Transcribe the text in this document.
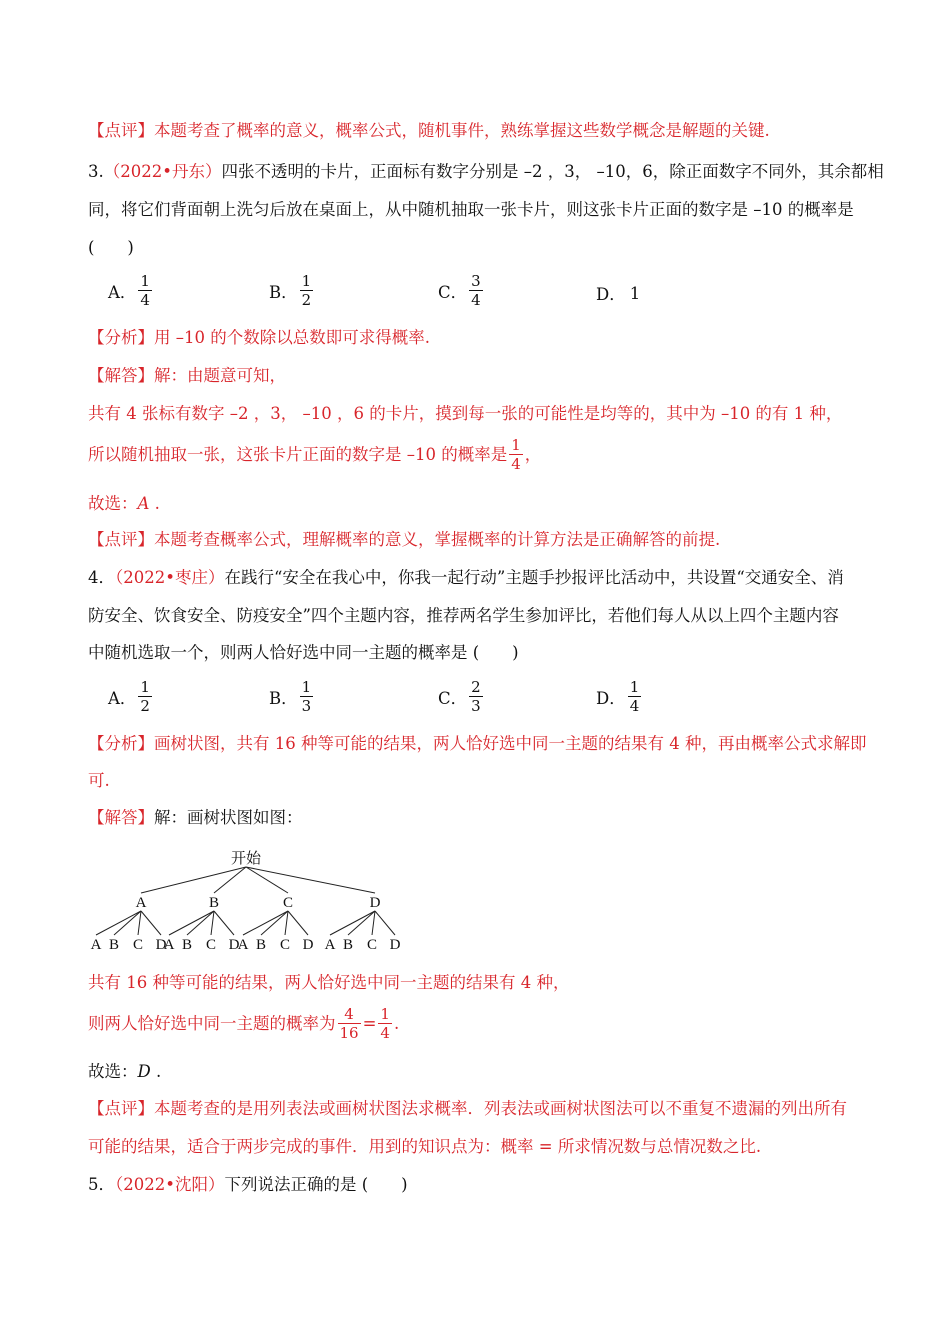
【点评】本题考查了概率的意义，概率公式，随机事件，熟练掌握这些数学概念是解题的关键.
3.（2022•丹东）四张不透明的卡片，正面标有数字分别是 –2 ，3， –10，6，除正面数字不同外，其余都相
同，将它们背面朝上洗匀后放在桌面上，从中随机抽取一张卡片，则这张卡片正面的数字是 –10 的概率是
(　　)
A． $\frac{1}{4}$	B． $\frac{1}{2}$	C． $\frac{3}{4}$	D． 1
【分析】用 –10 的个数除以总数即可求得概率.
【解答】解：由题意可知，
共有 4 张标有数字 –2 ，3， –10 ，6 的卡片，摸到每一张的可能性是均等的，其中为 –10 的有 1 种，
所以随机抽取一张，这张卡片正面的数字是 –10 的概率是 $\frac{1}{4}$ ，
故选：A .
【点评】本题考查概率公式，理解概率的意义，掌握概率的计算方法是正确解答的前提.
4．（2022•枣庄）在践行“安全在我心中，你我一起行动”主题手抄报评比活动中，共设置“交通安全、消
防安全、饮食安全、防疫安全”四个主题内容，推荐两名学生参加评比，若他们每人从以上四个主题内容
中随机选取一个，则两人恰好选中同一主题的概率是 (　　)
A． $\frac{1}{2}$	B． $\frac{1}{3}$	C． $\frac{2}{3}$	D． $\frac{1}{4}$
【分析】画树状图，共有 16 种等可能的结果，两人恰好选中同一主题的结果有 4 种，再由概率公式求解即
可.
【解答】解：画树状图如图：
开始
A
A B C D
B
A B C D
C
A B C D
D
A B C D
共有 16 种等可能的结果，两人恰好选中同一主题的结果有 4 种，
则两人恰好选中同一主题的概率为 $\frac{4}{16} = \frac{1}{4}$ .
故选：D .
【点评】本题考查的是用列表法或画树状图法求概率．列表法或画树状图法可以不重复不遗漏的列出所有
可能的结果，适合于两步完成的事件．用到的知识点为：概率 = 所求情况数与总情况数之比.
5．（2022•沈阳）下列说法正确的是 (　　)
